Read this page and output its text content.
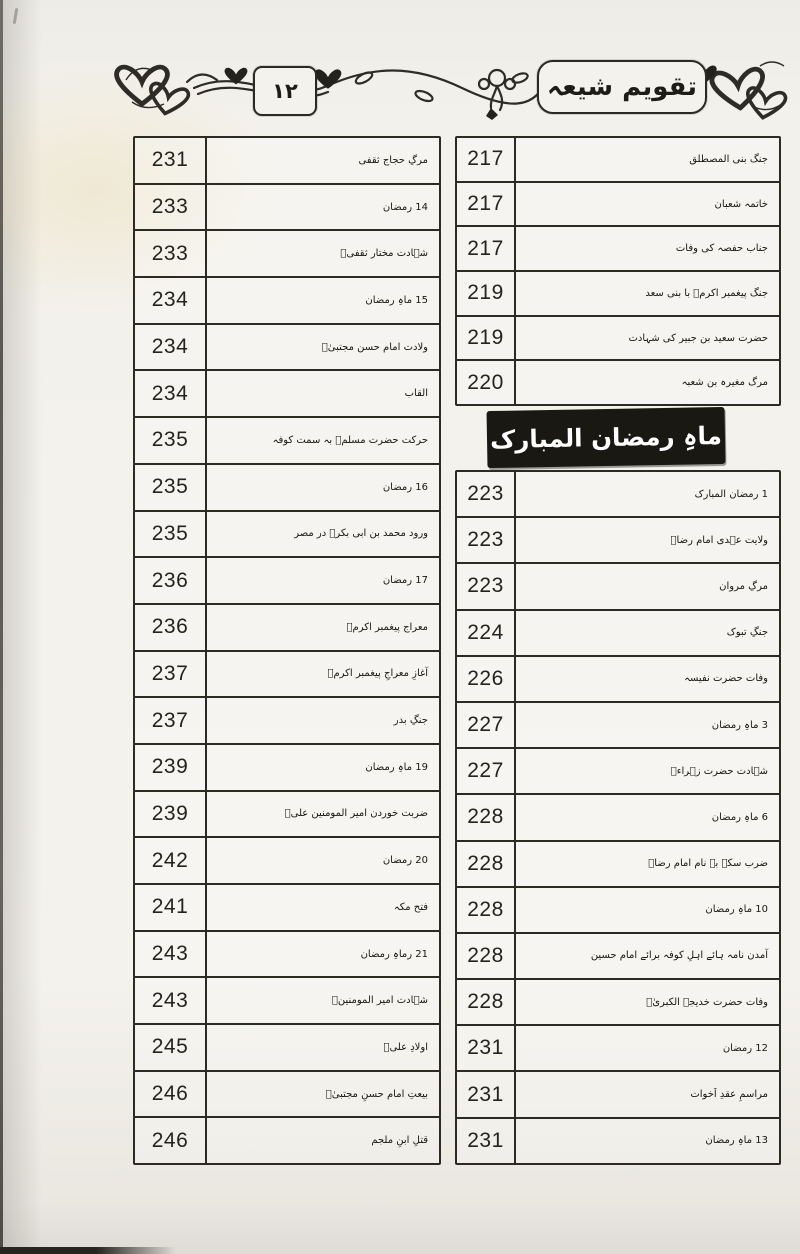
۱۲	تقویم شیعہ
231	مرگِ حجاج ثقفی
233	14 رمضان
233	شہادت مختار ثقفیؒ
234	15 ماہِ رمضان
234	ولادت امام حسن مجتبیٰؑ
234	القاب
235	حرکت حضرت مسلمؑ بہ سمت کوفہ
235	16 رمضان
235	ورود محمد بن ابی بکرؓ در مصر
236	17 رمضان
236	معراج پیغمبر اکرمؐ
237	آغازِ معراجِ پیغمبر اکرمؐ
237	جنگِ بدر
239	19 ماہِ رمضان
239	ضربت خوردن امیر المومنین علیؑ
242	20 رمضان
241	فتح مکہ
243	21 رماہِ رمضان
243	شہادت امیر المومنینؑ
245	اولادِ علیؑ
246	بیعتِ امام حسنِ مجتبیٰؑ
246	قتلِ ابنِ ملجم
217	جنگ بنی المصطلق
217	خاتمہ شعبان
217	جناب حفصہ کی وفات
219	جنگ پیغمبر اکرمؐ با بنی سعد
219	حضرت سعید بن جبیر کی شہادت
220	مرگ مغیرہ بن شعبہ
ماہِ رمضان المبارک
223	1 رمضان المبارک
223	ولایت عہدی امام رضاؑ
223	مرگِ مروان
224	جنگِ تبوک
226	وفات حضرت نفیسہ
227	3 ماہِ رمضان
227	شہادت حضرت زہراءؑ
228	6 ماہِ رمضان
228	ضرب سکہ بہ نام امام رضاؑ
228	10 ماہِ رمضان
228	آمدن نامہ ہائے اہلِ کوفہ برائے امام حسین
228	وفات حضرت خدیجہ الکبریٰؓ
231	12 رمضان
231	مراسمِ عقدِ اَخوات
231	13 ماہِ رمضان
